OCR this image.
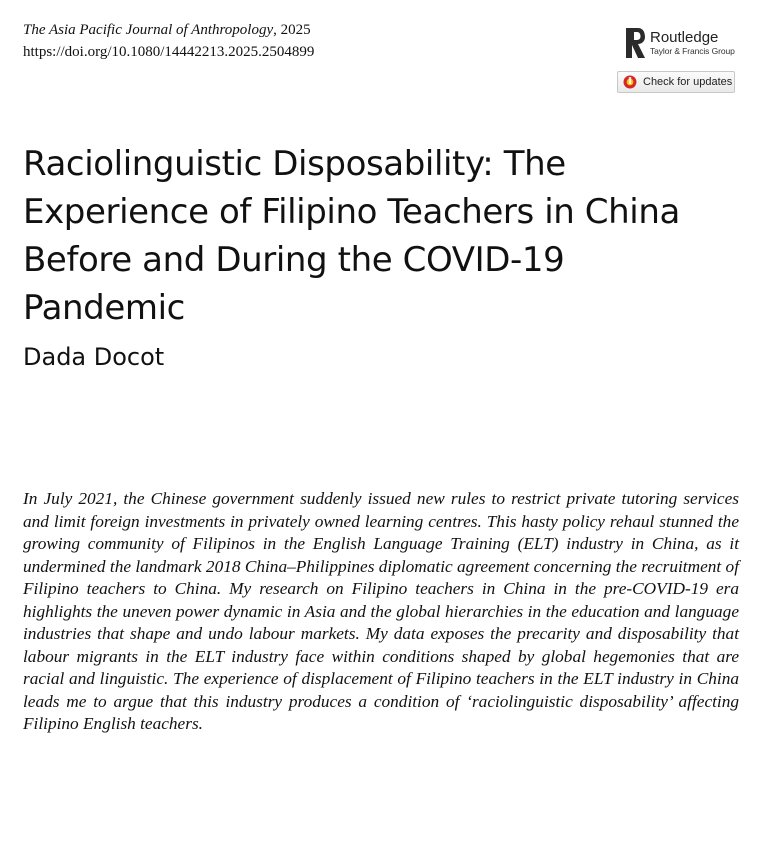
The Asia Pacific Journal of Anthropology, 2025
https://doi.org/10.1080/14442213.2025.2504899
Routledge
Taylor & Francis Group
Check for updates
Raciolinguistic Disposability: The Experience of Filipino Teachers in China Before and During the COVID-19 Pandemic
Dada Docot

In July 2021, the Chinese government suddenly issued new rules to restrict private tutoring services and limit foreign investments in privately owned learning centres. This hasty policy rehaul stunned the growing community of Filipinos in the English Language Training (ELT) industry in China, as it undermined the landmark 2018 China–Philippines diplomatic agreement concerning the recruitment of Filipino teachers to China. My research on Filipino teachers in China in the pre-COVID-19 era highlights the uneven power dynamic in Asia and the global hierarchies in the education and language industries that shape and undo labour markets. My data exposes the precarity and disposability that labour migrants in the ELT industry face within conditions shaped by global hegemonies that are racial and linguistic. The experience of displacement of Filipino teachers in the ELT industry in China leads me to argue that this industry produces a condition of ‘raciolinguistic disposability’ affecting Filipino English teachers.
